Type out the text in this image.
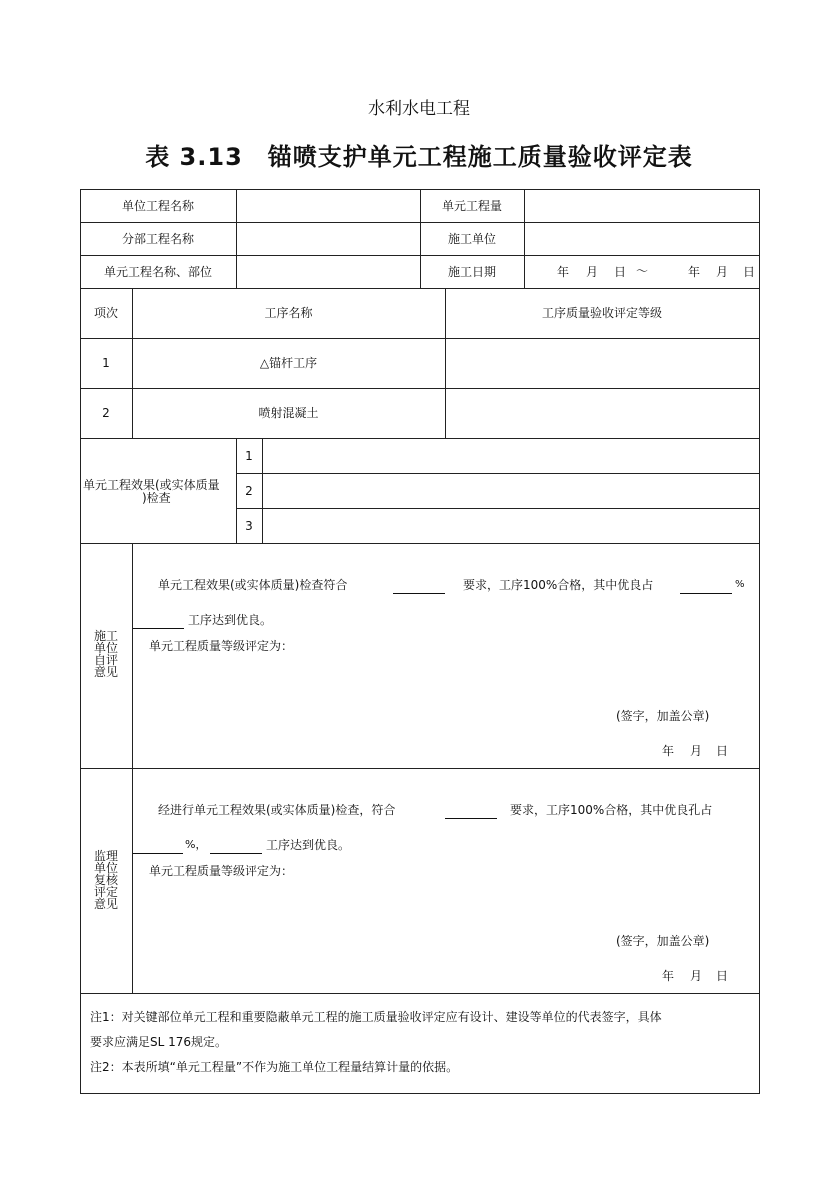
水利水电工程
表 3.13　锚喷支护单元工程施工质量验收评定表
单位工程名称	单元工程量
分部工程名称	施工单位
单元工程名称、部位	施工日期	年 月 日 ～	年 月 日
项次	工序名称	工序质量验收评定等级
1	△锚杆工序
2	喷射混凝土
单元工程效果(或实体质量
)检查
1
2
3
施工
单位
自评
意见
单元工程效果(或实体质量)检查符合	要求，工序100%合格，其中优良占	%
工序达到优良。
单元工程质量等级评定为：
(签字，加盖公章)
年 月 日
监理
单位
复核
评定
意见
经进行单元工程效果(或实体质量)检查，符合	要求，工序100%合格，其中优良孔占
%，	工序达到优良。
单元工程质量等级评定为：
(签字，加盖公章)
年 月 日
注1：对关键部位单元工程和重要隐蔽单元工程的施工质量验收评定应有设计、建设等单位的代表签字，具体
要求应满足SL 176规定。
注2：本表所填“单元工程量”不作为施工单位工程量结算计量的依据。
